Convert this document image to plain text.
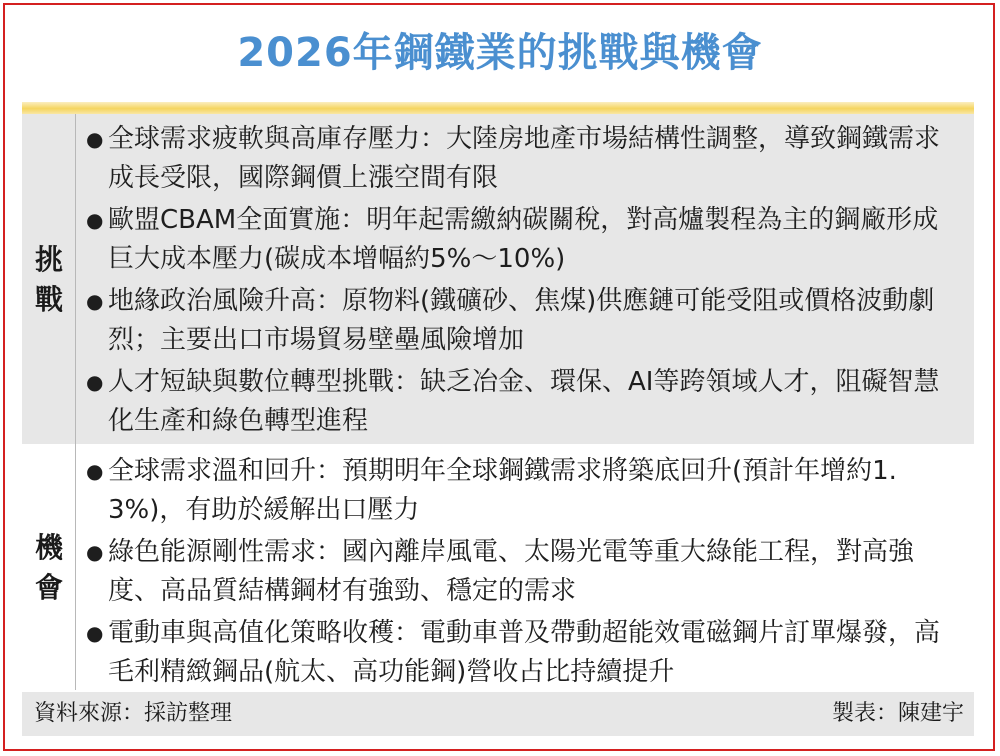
2026年鋼鐵業的挑戰與機會
挑
戰
● 全球需求疲軟與高庫存壓力：大陸房地產市場結構性調整，導致鋼鐵需求成長受限，國際鋼價上漲空間有限
● 歐盟CBAM全面實施：明年起需繳納碳關稅，對高爐製程為主的鋼廠形成巨大成本壓力(碳成本增幅約5%～10%)
● 地緣政治風險升高：原物料(鐵礦砂、焦煤)供應鏈可能受阻或價格波動劇烈；主要出口市場貿易壁壘風險增加
● 人才短缺與數位轉型挑戰：缺乏冶金、環保、AI等跨領域人才，阻礙智慧化生產和綠色轉型進程
機
會
● 全球需求溫和回升：預期明年全球鋼鐵需求將築底回升(預計年增約1.3%)，有助於緩解出口壓力
● 綠色能源剛性需求：國內離岸風電、太陽光電等重大綠能工程，對高強度、高品質結構鋼材有強勁、穩定的需求
● 電動車與高值化策略收穫：電動車普及帶動超能效電磁鋼片訂單爆發，高毛利精緻鋼品(航太、高功能鋼)營收占比持續提升
資料來源：採訪整理	製表：陳建宇
